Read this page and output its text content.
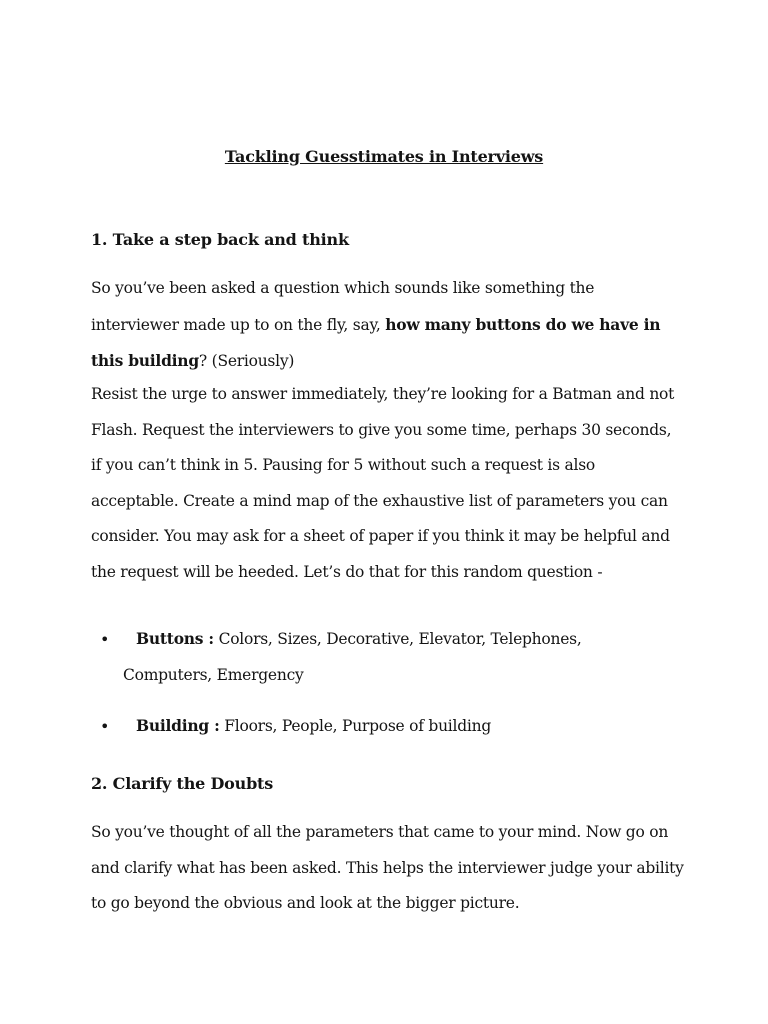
Tackling Guesstimates in Interviews
1. Take a step back and think

So you’ve been asked a question which sounds like something the interviewer made up to on the fly, say, how many buttons do we have in this building? (Seriously)

Resist the urge to answer immediately, they’re looking for a Batman and not Flash. Request the interviewers to give you some time, perhaps 30 seconds, if you can’t think in 5. Pausing for 5 without such a request is also acceptable. Create a mind map of the exhaustive list of parameters you can consider. You may ask for a sheet of paper if you think it may be helpful and the request will be heeded. Let’s do that for this random question -

•	Buttons : Colors, Sizes, Decorative, Elevator, Telephones, Computers, Emergency
•	Building : Floors, People, Purpose of building
2. Clarify the Doubts

So you’ve thought of all the parameters that came to your mind. Now go on and clarify what has been asked. This helps the interviewer judge your ability to go beyond the obvious and look at the bigger picture.
